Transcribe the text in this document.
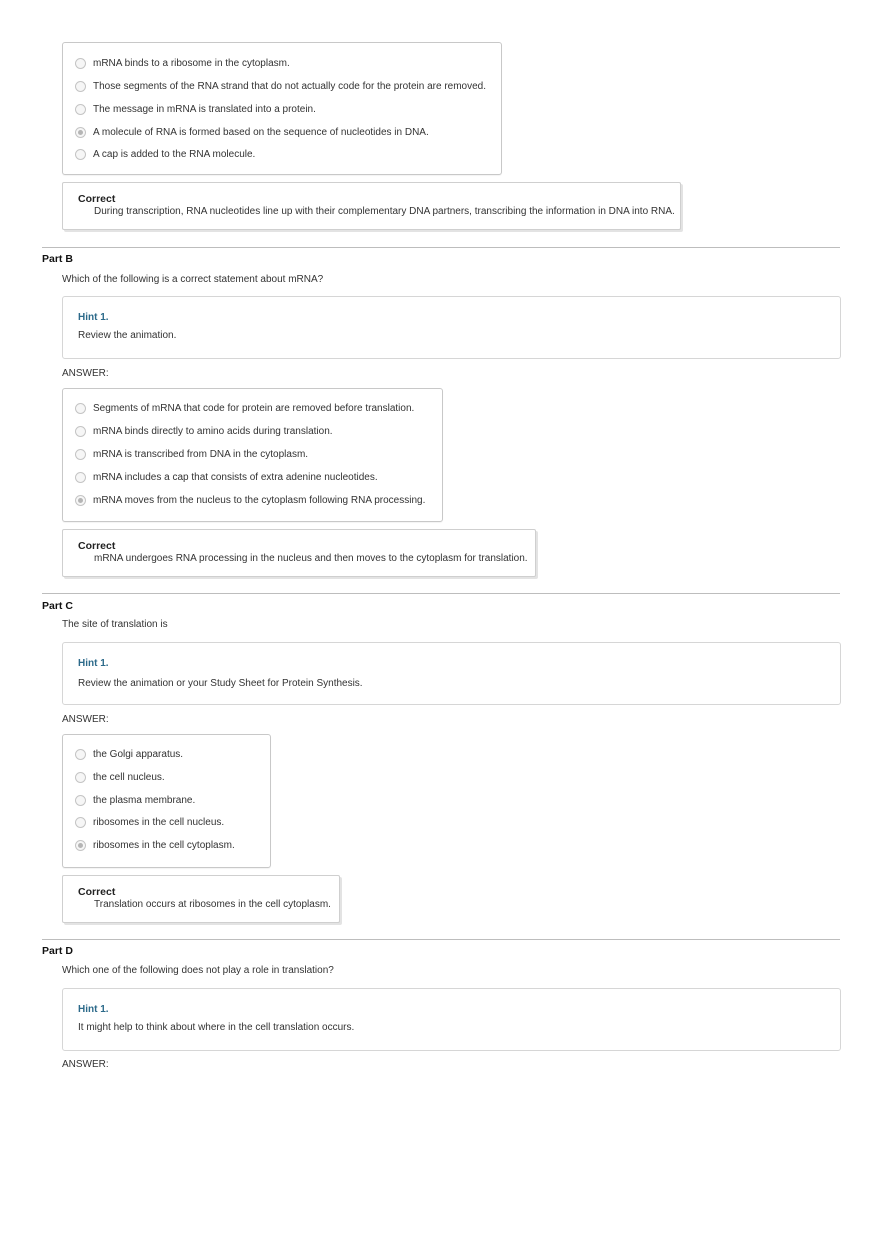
mRNA binds to a ribosome in the cytoplasm.
Those segments of the RNA strand that do not actually code for the protein are removed.
The message in mRNA is translated into a protein.
A molecule of RNA is formed based on the sequence of nucleotides in DNA.
A cap is added to the RNA molecule.
Correct
During transcription, RNA nucleotides line up with their complementary DNA partners, transcribing the information in DNA into RNA.
Part B
Which of the following is a correct statement about mRNA?
Hint 1.
Review the animation.
ANSWER:
Segments of mRNA that code for protein are removed before translation.
mRNA binds directly to amino acids during translation.
mRNA is transcribed from DNA in the cytoplasm.
mRNA includes a cap that consists of extra adenine nucleotides.
mRNA moves from the nucleus to the cytoplasm following RNA processing.
Correct
mRNA undergoes RNA processing in the nucleus and then moves to the cytoplasm for translation.
Part C
The site of translation is
Hint 1.
Review the animation or your Study Sheet for Protein Synthesis.
ANSWER:
the Golgi apparatus.
the cell nucleus.
the plasma membrane.
ribosomes in the cell nucleus.
ribosomes in the cell cytoplasm.
Correct
Translation occurs at ribosomes in the cell cytoplasm.
Part D
Which one of the following does not play a role in translation?
Hint 1.
It might help to think about where in the cell translation occurs.
ANSWER:
